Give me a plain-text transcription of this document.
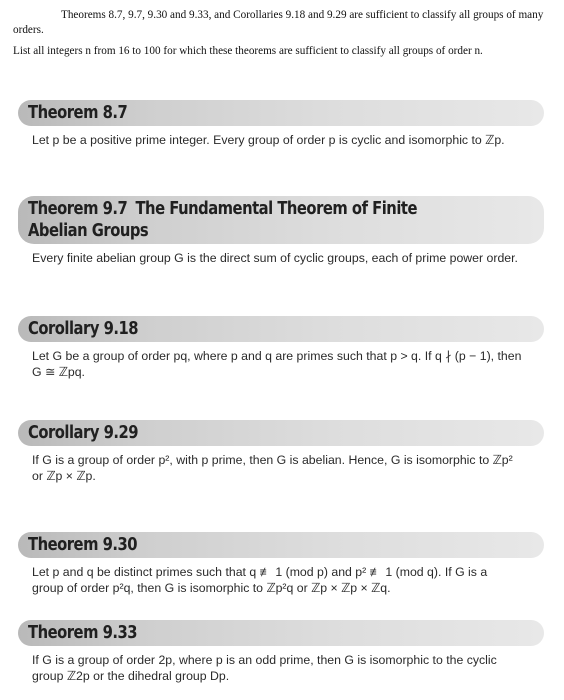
Theorems 8.7, 9.7, 9.30 and 9.33, and Corollaries 9.18 and 9.29 are sufficient to classify all groups of many orders.

List all integers n from 16 to 100 for which these theorems are sufficient to classify all groups of order n.

Theorem 8.7
Let p be a positive prime integer. Every group of order p is cyclic and isomorphic to ℤp.
Theorem 9.7 The Fundamental Theorem of Finite
Abelian Groups
Every finite abelian group G is the direct sum of cyclic groups, each of prime power order.
Corollary 9.18
Let G be a group of order pq, where p and q are primes such that p > q. If q ∤ (p − 1), then G ≅ ℤpq.
Corollary 9.29
If G is a group of order p², with p prime, then G is abelian. Hence, G is isomorphic to ℤp² or ℤp × ℤp.
Theorem 9.30
Let p and q be distinct primes such that q ≢ 1 (mod p) and p² ≢ 1 (mod q). If G is a group of order p²q, then G is isomorphic to ℤp²q or ℤp × ℤp × ℤq.
Theorem 9.33
If G is a group of order 2p, where p is an odd prime, then G is isomorphic to the cyclic group ℤ2p or the dihedral group Dp.
